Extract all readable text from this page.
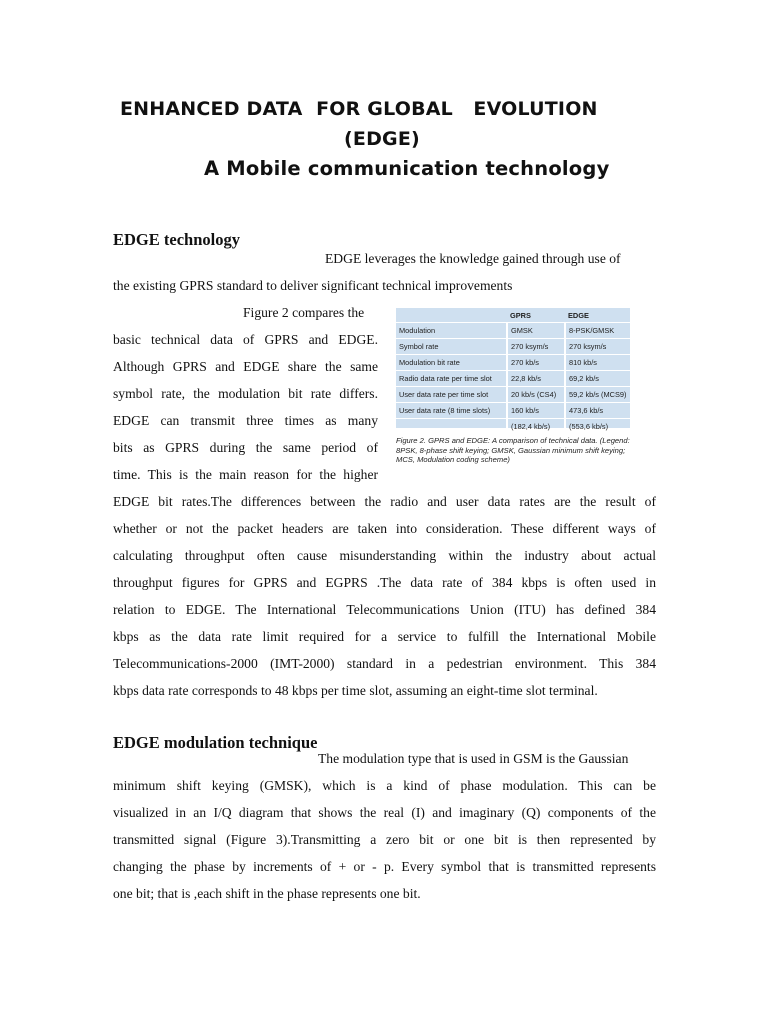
ENHANCED DATA  FOR GLOBAL   EVOLUTION
(EDGE)
A Mobile communication technology
EDGE technology
EDGE leverages the knowledge gained through use of
the existing GPRS standard to deliver significant technical improvements
Figure 2 compares the
basic technical data of GPRS and EDGE.
Although GPRS and EDGE share the same
symbol rate, the modulation bit rate differs.
EDGE can transmit three times as many
bits as GPRS during the same period of
time. This is the main reason for the higher
EDGE bit rates.The differences between the radio and user data rates are the result of
whether or not the packet headers are taken into consideration. These different ways of
calculating throughput often cause misunderstanding within the industry about actual
throughput figures for GPRS and EGPRS .The data rate of 384 kbps is often used in
relation to EDGE. The International Telecommunications Union (ITU) has defined 384
kbps as the data rate limit required for a service to fulfill the International Mobile
Telecommunications-2000 (IMT-2000) standard in a pedestrian environment. This 384
kbps data rate corresponds to 48 kbps per time slot, assuming an eight-time slot terminal.
	GPRS	EDGE
Modulation	GMSK	8-PSK/GMSK
Symbol rate	270 ksym/s	270 ksym/s
Modulation bit rate	270 kb/s	810 kb/s
Radio data rate per time slot	22,8 kb/s	69,2 kb/s
User data rate per time slot	20 kb/s (CS4)	59,2 kb/s (MCS9)
User data rate (8 time slots)	160 kb/s	473,6 kb/s
	(182,4 kb/s)	(553,6 kb/s)
Figure 2. GPRS and EDGE: A comparison of technical data. (Legend: 8PSK, 8-phase shift keying; GMSK, Gaussian minimum shift keying; MCS, Modulation coding scheme)
EDGE modulation technique
The modulation type that is used in GSM is the Gaussian
minimum shift keying (GMSK), which is a kind of phase modulation. This can be
visualized in an I/Q diagram that shows the real (I) and imaginary (Q) components of the
transmitted signal (Figure 3).Transmitting a zero bit or one bit is then represented by
changing the phase by increments of + or - p. Every symbol that is transmitted represents
one bit; that is ,each shift in the phase represents one bit.
